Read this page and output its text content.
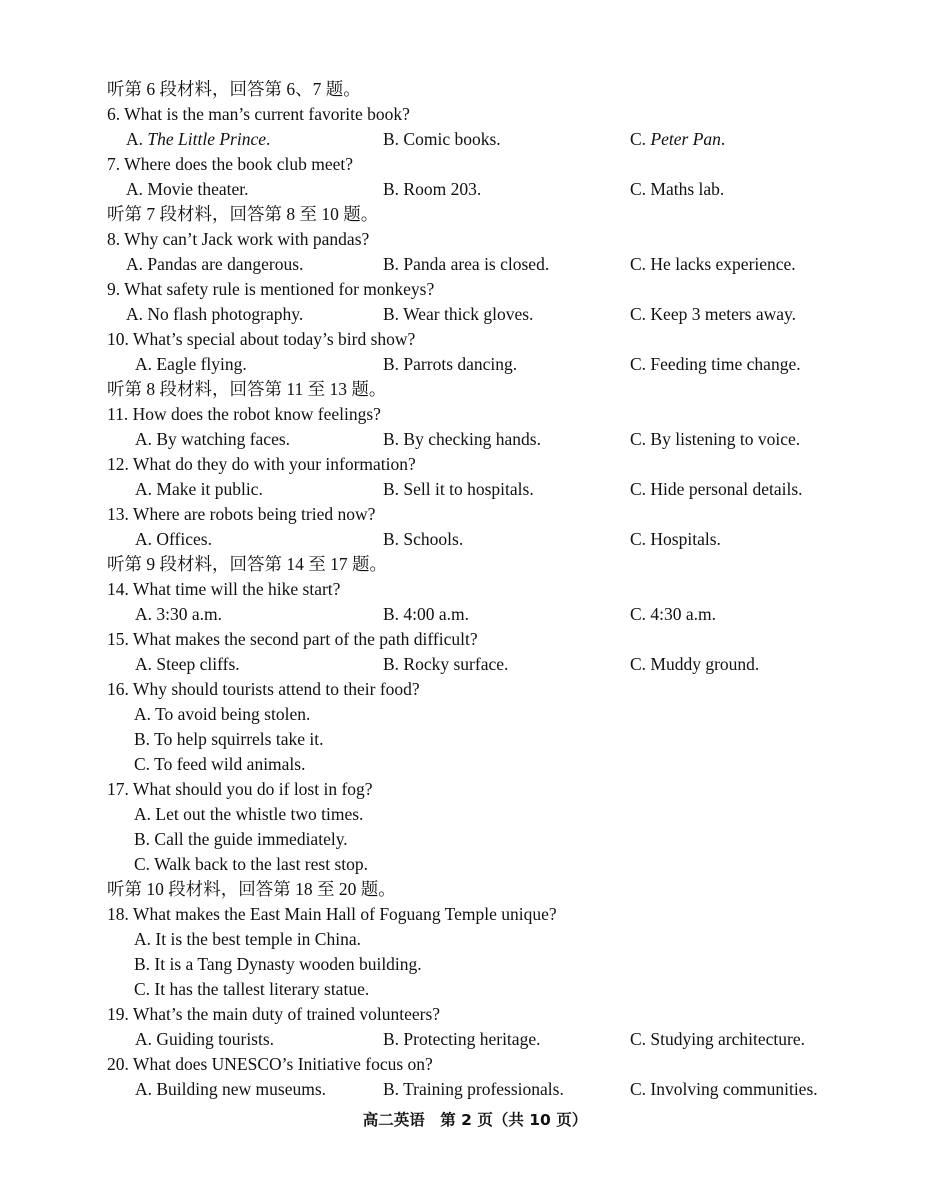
听第 6 段材料，回答第 6、7 题。
6. What is the man’s current favorite book?
A. The Little Prince.	B. Comic books.	C. Peter Pan.
7. Where does the book club meet?
A. Movie theater.	B. Room 203.	C. Maths lab.
听第 7 段材料，回答第 8 至 10 题。
8. Why can’t Jack work with pandas?
A. Pandas are dangerous.	B. Panda area is closed.	C. He lacks experience.
9. What safety rule is mentioned for monkeys?
A. No flash photography.	B. Wear thick gloves.	C. Keep 3 meters away.
10. What’s special about today’s bird show?
A. Eagle flying.	B. Parrots dancing.	C. Feeding time change.
听第 8 段材料，回答第 11 至 13 题。
11. How does the robot know feelings?
A. By watching faces.	B. By checking hands.	C. By listening to voice.
12. What do they do with your information?
A. Make it public.	B. Sell it to hospitals.	C. Hide personal details.
13. Where are robots being tried now?
A. Offices.	B. Schools.	C. Hospitals.
听第 9 段材料，回答第 14 至 17 题。
14. What time will the hike start?
A. 3:30 a.m.	B. 4:00 a.m.	C. 4:30 a.m.
15. What makes the second part of the path difficult?
A. Steep cliffs.	B. Rocky surface.	C. Muddy ground.
16. Why should tourists attend to their food?
A. To avoid being stolen.
B. To help squirrels take it.
C. To feed wild animals.
17. What should you do if lost in fog?
A. Let out the whistle two times.
B. Call the guide immediately.
C. Walk back to the last rest stop.
听第 10 段材料，回答第 18 至 20 题。
18. What makes the East Main Hall of Foguang Temple unique?
A. It is the best temple in China.
B. It is a Tang Dynasty wooden building.
C. It has the tallest literary statue.
19. What’s the main duty of trained volunteers?
A. Guiding tourists.	B. Protecting heritage.	C. Studying architecture.
20. What does UNESCO’s Initiative focus on?
A. Building new museums.	B. Training professionals.	C. Involving communities.
高二英语　第 2 页（共 10 页）
